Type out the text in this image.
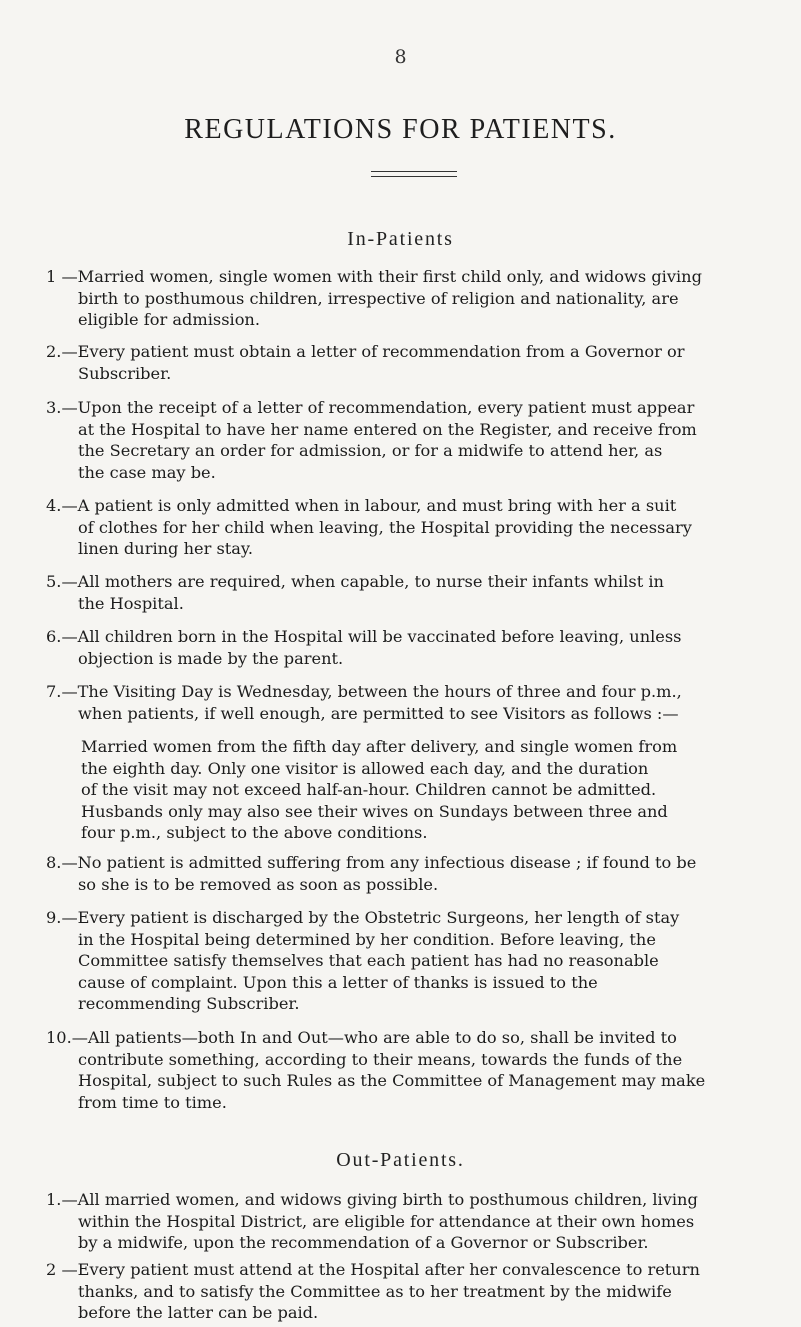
8
REGULATIONS FOR PATIENTS.
In-Patients
1 —Married women, single women with their first child only, and widows giving
birth to posthumous children, irrespective of religion and nationality, are
eligible for admission.
2.—Every patient must obtain a letter of recommendation from a Governor or
Subscriber.
3.—Upon the receipt of a letter of recommendation, every patient must appear
at the Hospital to have her name entered on the Register, and receive from
the Secretary an order for admission, or for a midwife to attend her, as
the case may be.
4.—A patient is only admitted when in labour, and must bring with her a suit
of clothes for her child when leaving, the Hospital providing the necessary
linen during her stay.
5.—All mothers are required, when capable, to nurse their infants whilst in
the Hospital.
6.—All children born in the Hospital will be vaccinated before leaving, unless
objection is made by the parent.
7.—The Visiting Day is Wednesday, between the hours of three and four p.m.,
when patients, if well enough, are permitted to see Visitors as follows :—
Married women from the fifth day after delivery, and single women from
the eighth day. Only one visitor is allowed each day, and the duration
of the visit may not exceed half-an-hour. Children cannot be admitted.
Husbands only may also see their wives on Sundays between three and
four p.m., subject to the above conditions.
8.—No patient is admitted suffering from any infectious disease ; if found to be
so she is to be removed as soon as possible.
9.—Every patient is discharged by the Obstetric Surgeons, her length of stay
in the Hospital being determined by her condition. Before leaving, the
Committee satisfy themselves that each patient has had no reasonable
cause of complaint. Upon this a letter of thanks is issued to the
recommending Subscriber.
10.—All patients—both In and Out—who are able to do so, shall be invited to
contribute something, according to their means, towards the funds of the
Hospital, subject to such Rules as the Committee of Management may make
from time to time.
Out-Patients.
1.—All married women, and widows giving birth to posthumous children, living
within the Hospital District, are eligible for attendance at their own homes
by a midwife, upon the recommendation of a Governor or Subscriber.
2 —Every patient must attend at the Hospital after her convalescence to return
thanks, and to satisfy the Committee as to her treatment by the midwife
before the latter can be paid.
